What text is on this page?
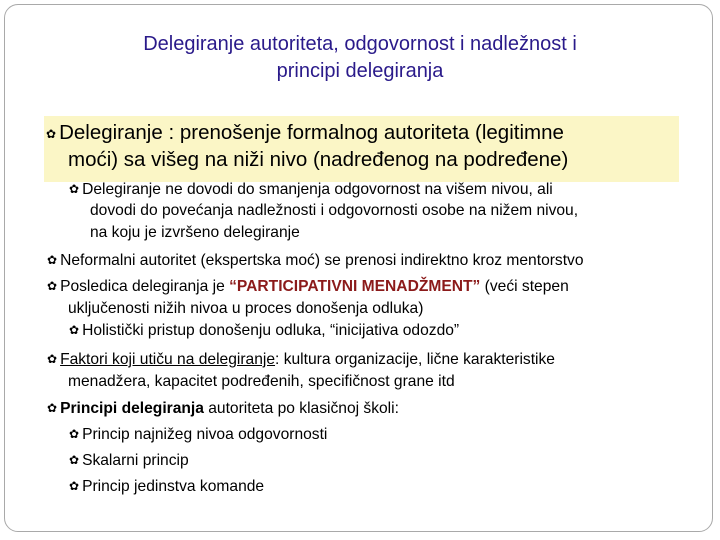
Delegiranje autoriteta, odgovornost i nadležnost i
principi delegiranja
✿ Delegiranje : prenošenje formalnog autoriteta (legitimne
moći) sa višeg na niži nivo (nadređenog na podređene)
✿ Delegiranje ne dovodi do smanjenja odgovornost na višem nivou, ali
dovodi do povećanja nadležnosti i odgovornosti osobe na nižem nivou,
na koju je izvršeno delegiranje
✿ Neformalni autoritet (ekspertska moć) se prenosi indirektno kroz mentorstvo
✿ Posledica delegiranja je “PARTICIPATIVNI MENADŽMENT” (veći stepen
uključenosti nižih nivoa u proces donošenja odluka)
✿ Holistički pristup donošenju odluka, “inicijativa odozdo”
✿ Faktori koji utiču na delegiranje: kultura organizacije, lične karakteristike
menadžera, kapacitet podređenih, specifičnost grane itd
✿ Principi delegiranja autoriteta po klasičnoj školi:
✿ Princip najnižeg nivoa odgovornosti
✿ Skalarni princip
✿ Princip jedinstva komande
